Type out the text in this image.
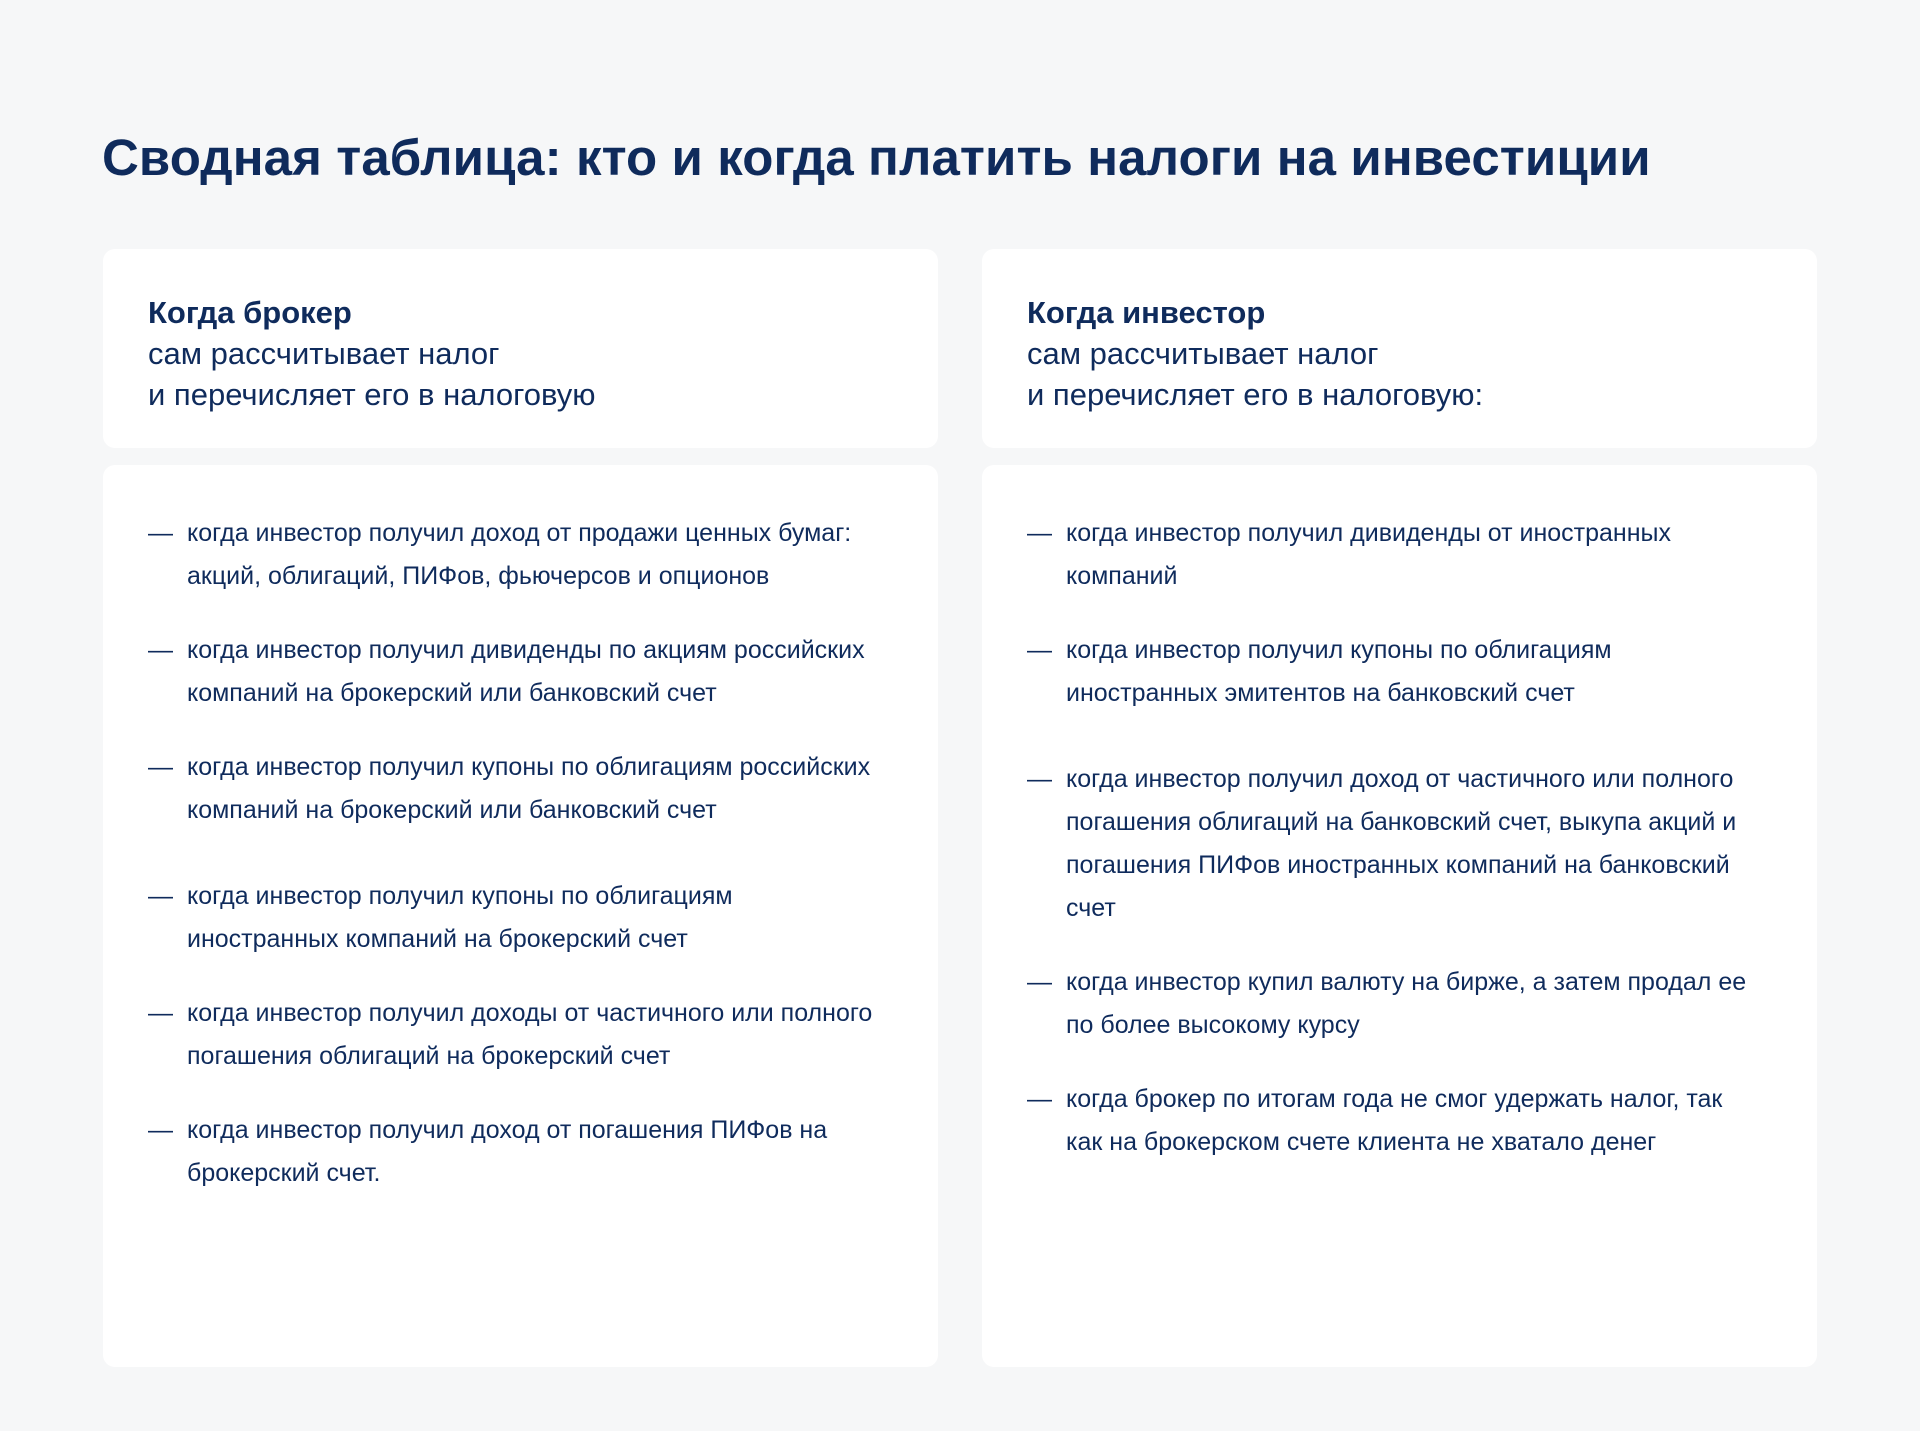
Сводная таблица: кто и когда платить налоги на инвестиции
Когда брокер
сам рассчитывает налог
и перечисляет его в налоговую
Когда инвестор
сам рассчитывает налог
и перечисляет его в налоговую:
— когда инвестор получил доход от продажи ценных бумаг: акций, облигаций, ПИФов, фьючерсов и опционов
— когда инвестор получил дивиденды по акциям российских компаний на брокерский или банковский счет
— когда инвестор получил купоны по облигациям российских компаний на брокерский или банковский счет
— когда инвестор получил купоны по облигациям иностранных компаний на брокерский счет
— когда инвестор получил доходы от частичного или полного погашения облигаций на брокерский счет
— когда инвестор получил доход от погашения ПИФов на брокерский счет.
— когда инвестор получил дивиденды от иностранных компаний
— когда инвестор получил купоны по облигациям иностранных эмитентов на банковский счет
— когда инвестор получил доход от частичного или полного погашения облигаций на банковский счет, выкупа акций и погашения ПИФов иностранных компаний на банковский счет
— когда инвестор купил валюту на бирже, а затем продал ее по более высокому курсу
— когда брокер по итогам года не смог удержать налог, так как на брокерском счете клиента не хватало денег
